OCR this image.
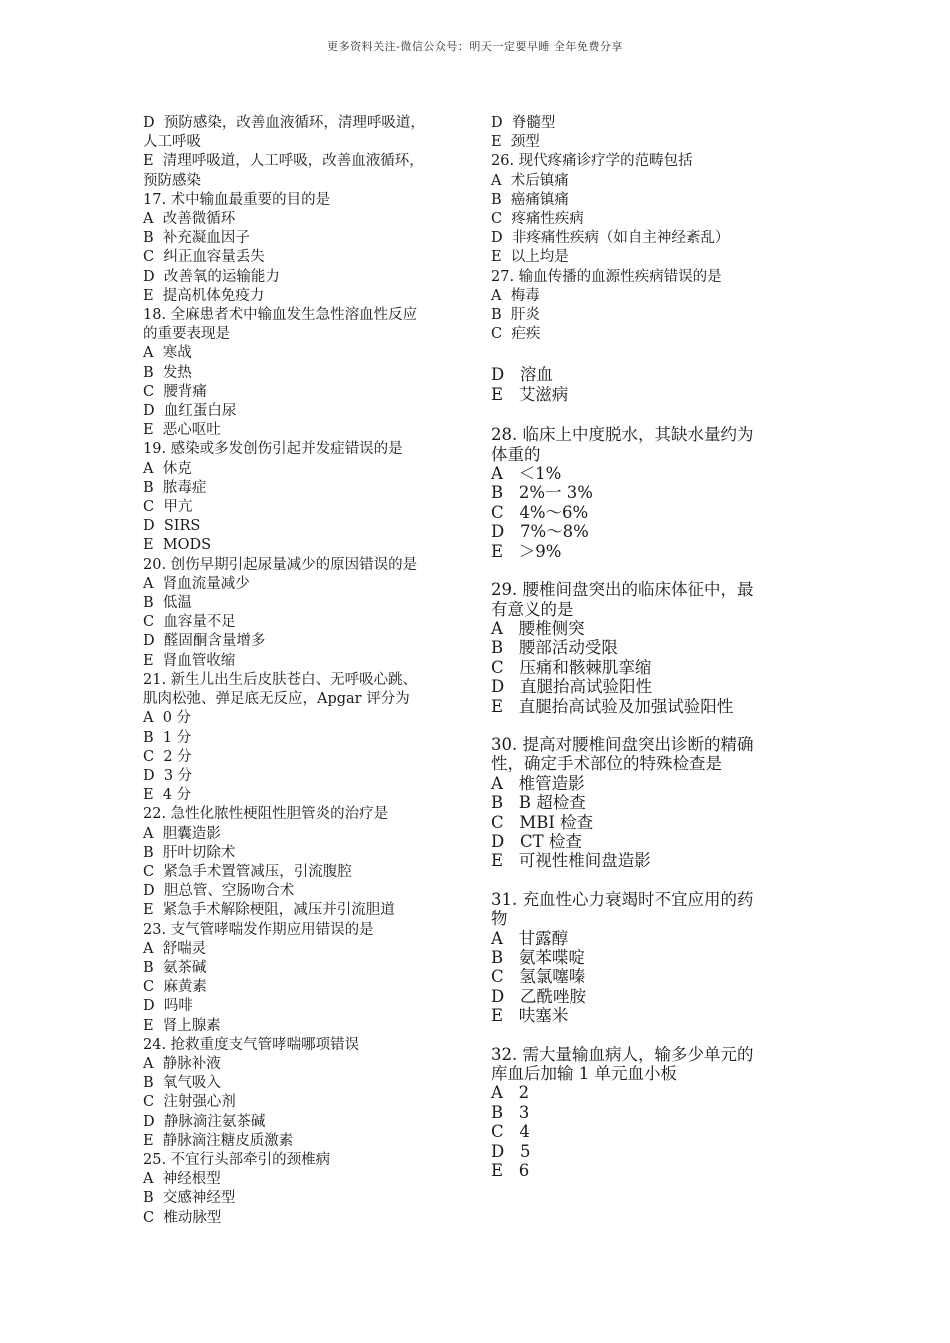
更多资料关注-微信公众号：明天一定要早睡 全年免费分享
D  预防感染，改善血液循环，清理呼吸道，
人工呼吸
E  清理呼吸道，人工呼吸，改善血液循环，
预防感染
17. 术中输血最重要的目的是
A  改善微循环
B  补充凝血因子
C  纠正血容量丢失
D  改善氧的运输能力
E  提高机体免疫力
18. 全麻患者术中输血发生急性溶血性反应
的重要表现是
A  寒战
B  发热
C  腰背痛
D  血红蛋白尿
E  恶心呕吐
19. 感染或多发创伤引起并发症错误的是
A  休克
B  脓毒症
C  甲亢
D  SIRS
E  MODS
20. 创伤早期引起尿量减少的原因错误的是
A  肾血流量减少
B  低温
C  血容量不足
D  醛固酮含量增多
E  肾血管收缩
21. 新生儿出生后皮肤苍白、无呼吸心跳、
肌肉松弛、弹足底无反应，Apgar 评分为
A  0 分
B  1 分
C  2 分
D  3 分
E  4 分
22. 急性化脓性梗阻性胆管炎的治疗是
A  胆囊造影
B  肝叶切除术
C  紧急手术置管减压，引流腹腔
D  胆总管、空肠吻合术
E  紧急手术解除梗阻，减压并引流胆道
23. 支气管哮喘发作期应用错误的是
A  舒喘灵
B  氨茶碱
C  麻黄素
D  吗啡
E  肾上腺素
24. 抢救重度支气管哮喘哪项错误
A  静脉补液
B  氧气吸入
C  注射强心剂
D  静脉滴注氨茶碱
E  静脉滴注糖皮质激素
25. 不宜行头部牵引的颈椎病
A  神经根型
B  交感神经型
C  椎动脉型
D  脊髓型
E  颈型
26. 现代疼痛诊疗学的范畴包括
A  术后镇痛
B  癌痛镇痛
C  疼痛性疾病
D  非疼痛性疾病（如自主神经紊乱）
E  以上均是
27. 输血传播的血源性疾病错误的是
A  梅毒
B  肝炎
C  疟疾
D   溶血
E   艾滋病
28. 临床上中度脱水，其缺水量约为
体重的
A   ＜1%
B   2%一 3%
C   4%～6%
D   7%～8%
E   ＞9%
29. 腰椎间盘突出的临床体征中，最
有意义的是
A   腰椎侧突
B   腰部活动受限
C   压痛和骸棘肌挛缩
D   直腿抬高试验阳性
E   直腿抬高试验及加强试验阳性
30. 提高对腰椎间盘突出诊断的精确
性，确定手术部位的特殊检查是
A   椎管造影
B   B 超检查
C   MBI 检查
D   CT 检查
E   可视性椎间盘造影
31. 充血性心力衰竭时不宜应用的药
物
A   甘露醇
B   氨苯喋啶
C   氢氯噻嗪
D   乙酰唑胺
E   呋塞米
32. 需大量输血病人，输多少单元的
库血后加输 1 单元血小板
A   2
B   3
C   4
D   5
E   6
